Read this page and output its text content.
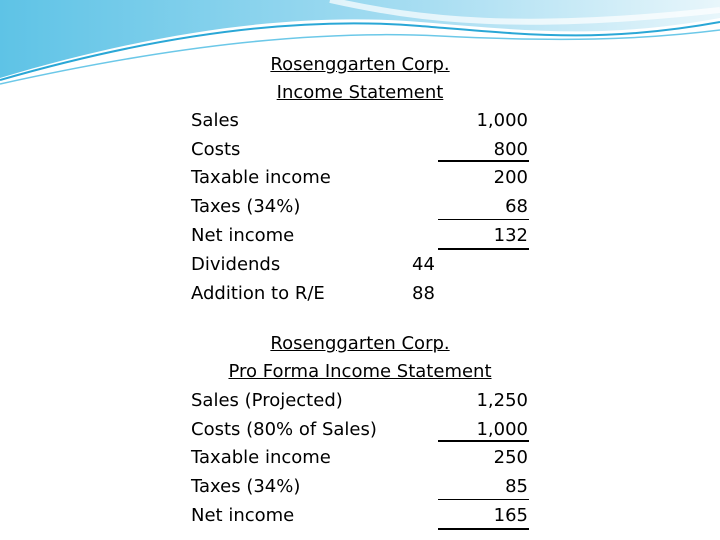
Rosenggarten Corp.
Income Statement
Sales	1,000
Costs	800
Taxable income	200
Taxes (34%)	68
Net income	132
Dividends	44
Addition to R/E	88
Rosenggarten Corp.
Pro Forma Income Statement
Sales (Projected)	1,250
Costs (80% of Sales)	1,000
Taxable income	250
Taxes (34%)	85
Net income	165
